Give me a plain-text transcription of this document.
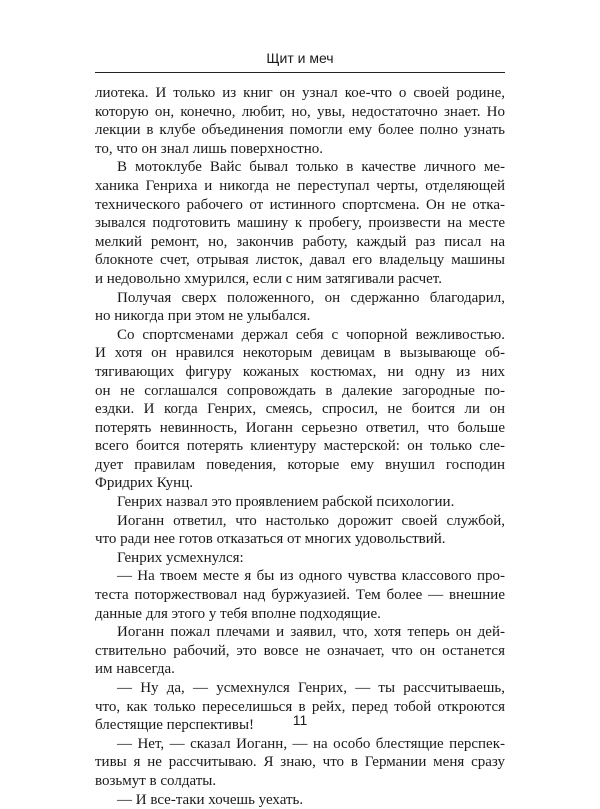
Щит и меч
лиотека. И только из книг он узнал кое-что о своей родине,
которую он, конечно, любит, но, увы, недостаточно знает. Но
лекции в клубе объединения помогли ему более полно узнать
то, что он знал лишь поверхностно.
В мотоклубе Вайс бывал только в качестве личного ме-
ханика Генриха и никогда не переступал черты, отделяющей
технического рабочего от истинного спортсмена. Он не отка-
зывался подготовить машину к пробегу, произвести на месте
мелкий ремонт, но, закончив работу, каждый раз писал на
блокноте счет, отрывая листок, давал его владельцу машины
и недовольно хмурился, если с ним затягивали расчет.
Получая сверх положенного, он сдержанно благодарил,
но никогда при этом не улыбался.
Со спортсменами держал себя с чопорной вежливостью.
И хотя он нравился некоторым девицам в вызывающе об-
тягивающих фигуру кожаных костюмах, ни одну из них
он не соглашался сопровождать в далекие загородные по-
ездки. И когда Генрих, смеясь, спросил, не боится ли он
потерять невинность, Иоганн серьезно ответил, что больше
всего боится потерять клиентуру мастерской: он только сле-
дует правилам поведения, которые ему внушил господин
Фридрих Кунц.
Генрих назвал это проявлением рабской психологии.
Иоганн ответил, что настолько дорожит своей службой,
что ради нее готов отказаться от многих удовольствий.
Генрих усмехнулся:
— На твоем месте я бы из одного чувства классового про-
теста поторжествовал над буржуазией. Тем более — внешние
данные для этого у тебя вполне подходящие.
Иоганн пожал плечами и заявил, что, хотя теперь он дей-
ствительно рабочий, это вовсе не означает, что он останется
им навсегда.
— Ну да, — усмехнулся Генрих, — ты рассчитываешь,
что, как только переселишься в рейх, перед тобой откроются
блестящие перспективы!
— Нет, — сказал Иоганн, — на особо блестящие перспек-
тивы я не рассчитываю. Я знаю, что в Германии меня сразу
возьмут в солдаты.
— И все-таки хочешь уехать.
11
